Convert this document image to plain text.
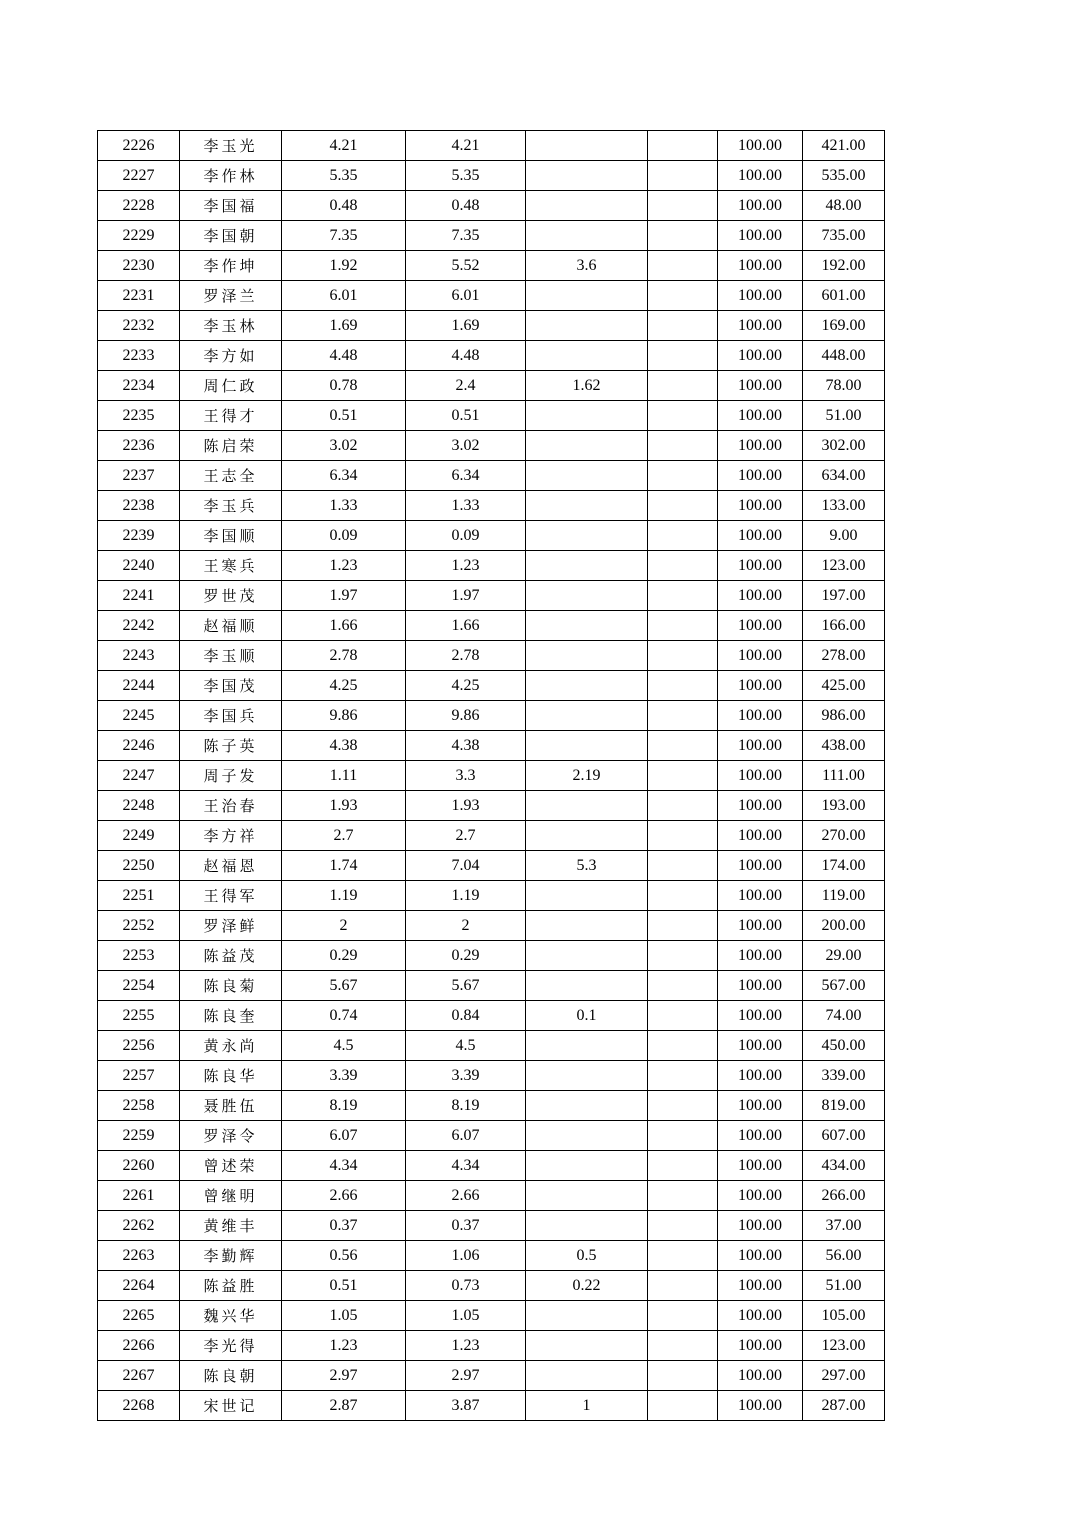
2226	李玉光	4.21	4.21			100.00	421.00
2227	李作林	5.35	5.35			100.00	535.00
2228	李国福	0.48	0.48			100.00	48.00
2229	李国朝	7.35	7.35			100.00	735.00
2230	李作坤	1.92	5.52	3.6		100.00	192.00
2231	罗泽兰	6.01	6.01			100.00	601.00
2232	李玉林	1.69	1.69			100.00	169.00
2233	李方如	4.48	4.48			100.00	448.00
2234	周仁政	0.78	2.4	1.62		100.00	78.00
2235	王得才	0.51	0.51			100.00	51.00
2236	陈启荣	3.02	3.02			100.00	302.00
2237	王志全	6.34	6.34			100.00	634.00
2238	李玉兵	1.33	1.33			100.00	133.00
2239	李国顺	0.09	0.09			100.00	9.00
2240	王寒兵	1.23	1.23			100.00	123.00
2241	罗世茂	1.97	1.97			100.00	197.00
2242	赵福顺	1.66	1.66			100.00	166.00
2243	李玉顺	2.78	2.78			100.00	278.00
2244	李国茂	4.25	4.25			100.00	425.00
2245	李国兵	9.86	9.86			100.00	986.00
2246	陈子英	4.38	4.38			100.00	438.00
2247	周子发	1.11	3.3	2.19		100.00	111.00
2248	王治春	1.93	1.93			100.00	193.00
2249	李方祥	2.7	2.7			100.00	270.00
2250	赵福恩	1.74	7.04	5.3		100.00	174.00
2251	王得军	1.19	1.19			100.00	119.00
2252	罗泽鲜	2	2			100.00	200.00
2253	陈益茂	0.29	0.29			100.00	29.00
2254	陈良菊	5.67	5.67			100.00	567.00
2255	陈良奎	0.74	0.84	0.1		100.00	74.00
2256	黄永尚	4.5	4.5			100.00	450.00
2257	陈良华	3.39	3.39			100.00	339.00
2258	聂胜伍	8.19	8.19			100.00	819.00
2259	罗泽令	6.07	6.07			100.00	607.00
2260	曾述荣	4.34	4.34			100.00	434.00
2261	曾继明	2.66	2.66			100.00	266.00
2262	黄维丰	0.37	0.37			100.00	37.00
2263	李勤辉	0.56	1.06	0.5		100.00	56.00
2264	陈益胜	0.51	0.73	0.22		100.00	51.00
2265	魏兴华	1.05	1.05			100.00	105.00
2266	李光得	1.23	1.23			100.00	123.00
2267	陈良朝	2.97	2.97			100.00	297.00
2268	宋世记	2.87	3.87	1		100.00	287.00
